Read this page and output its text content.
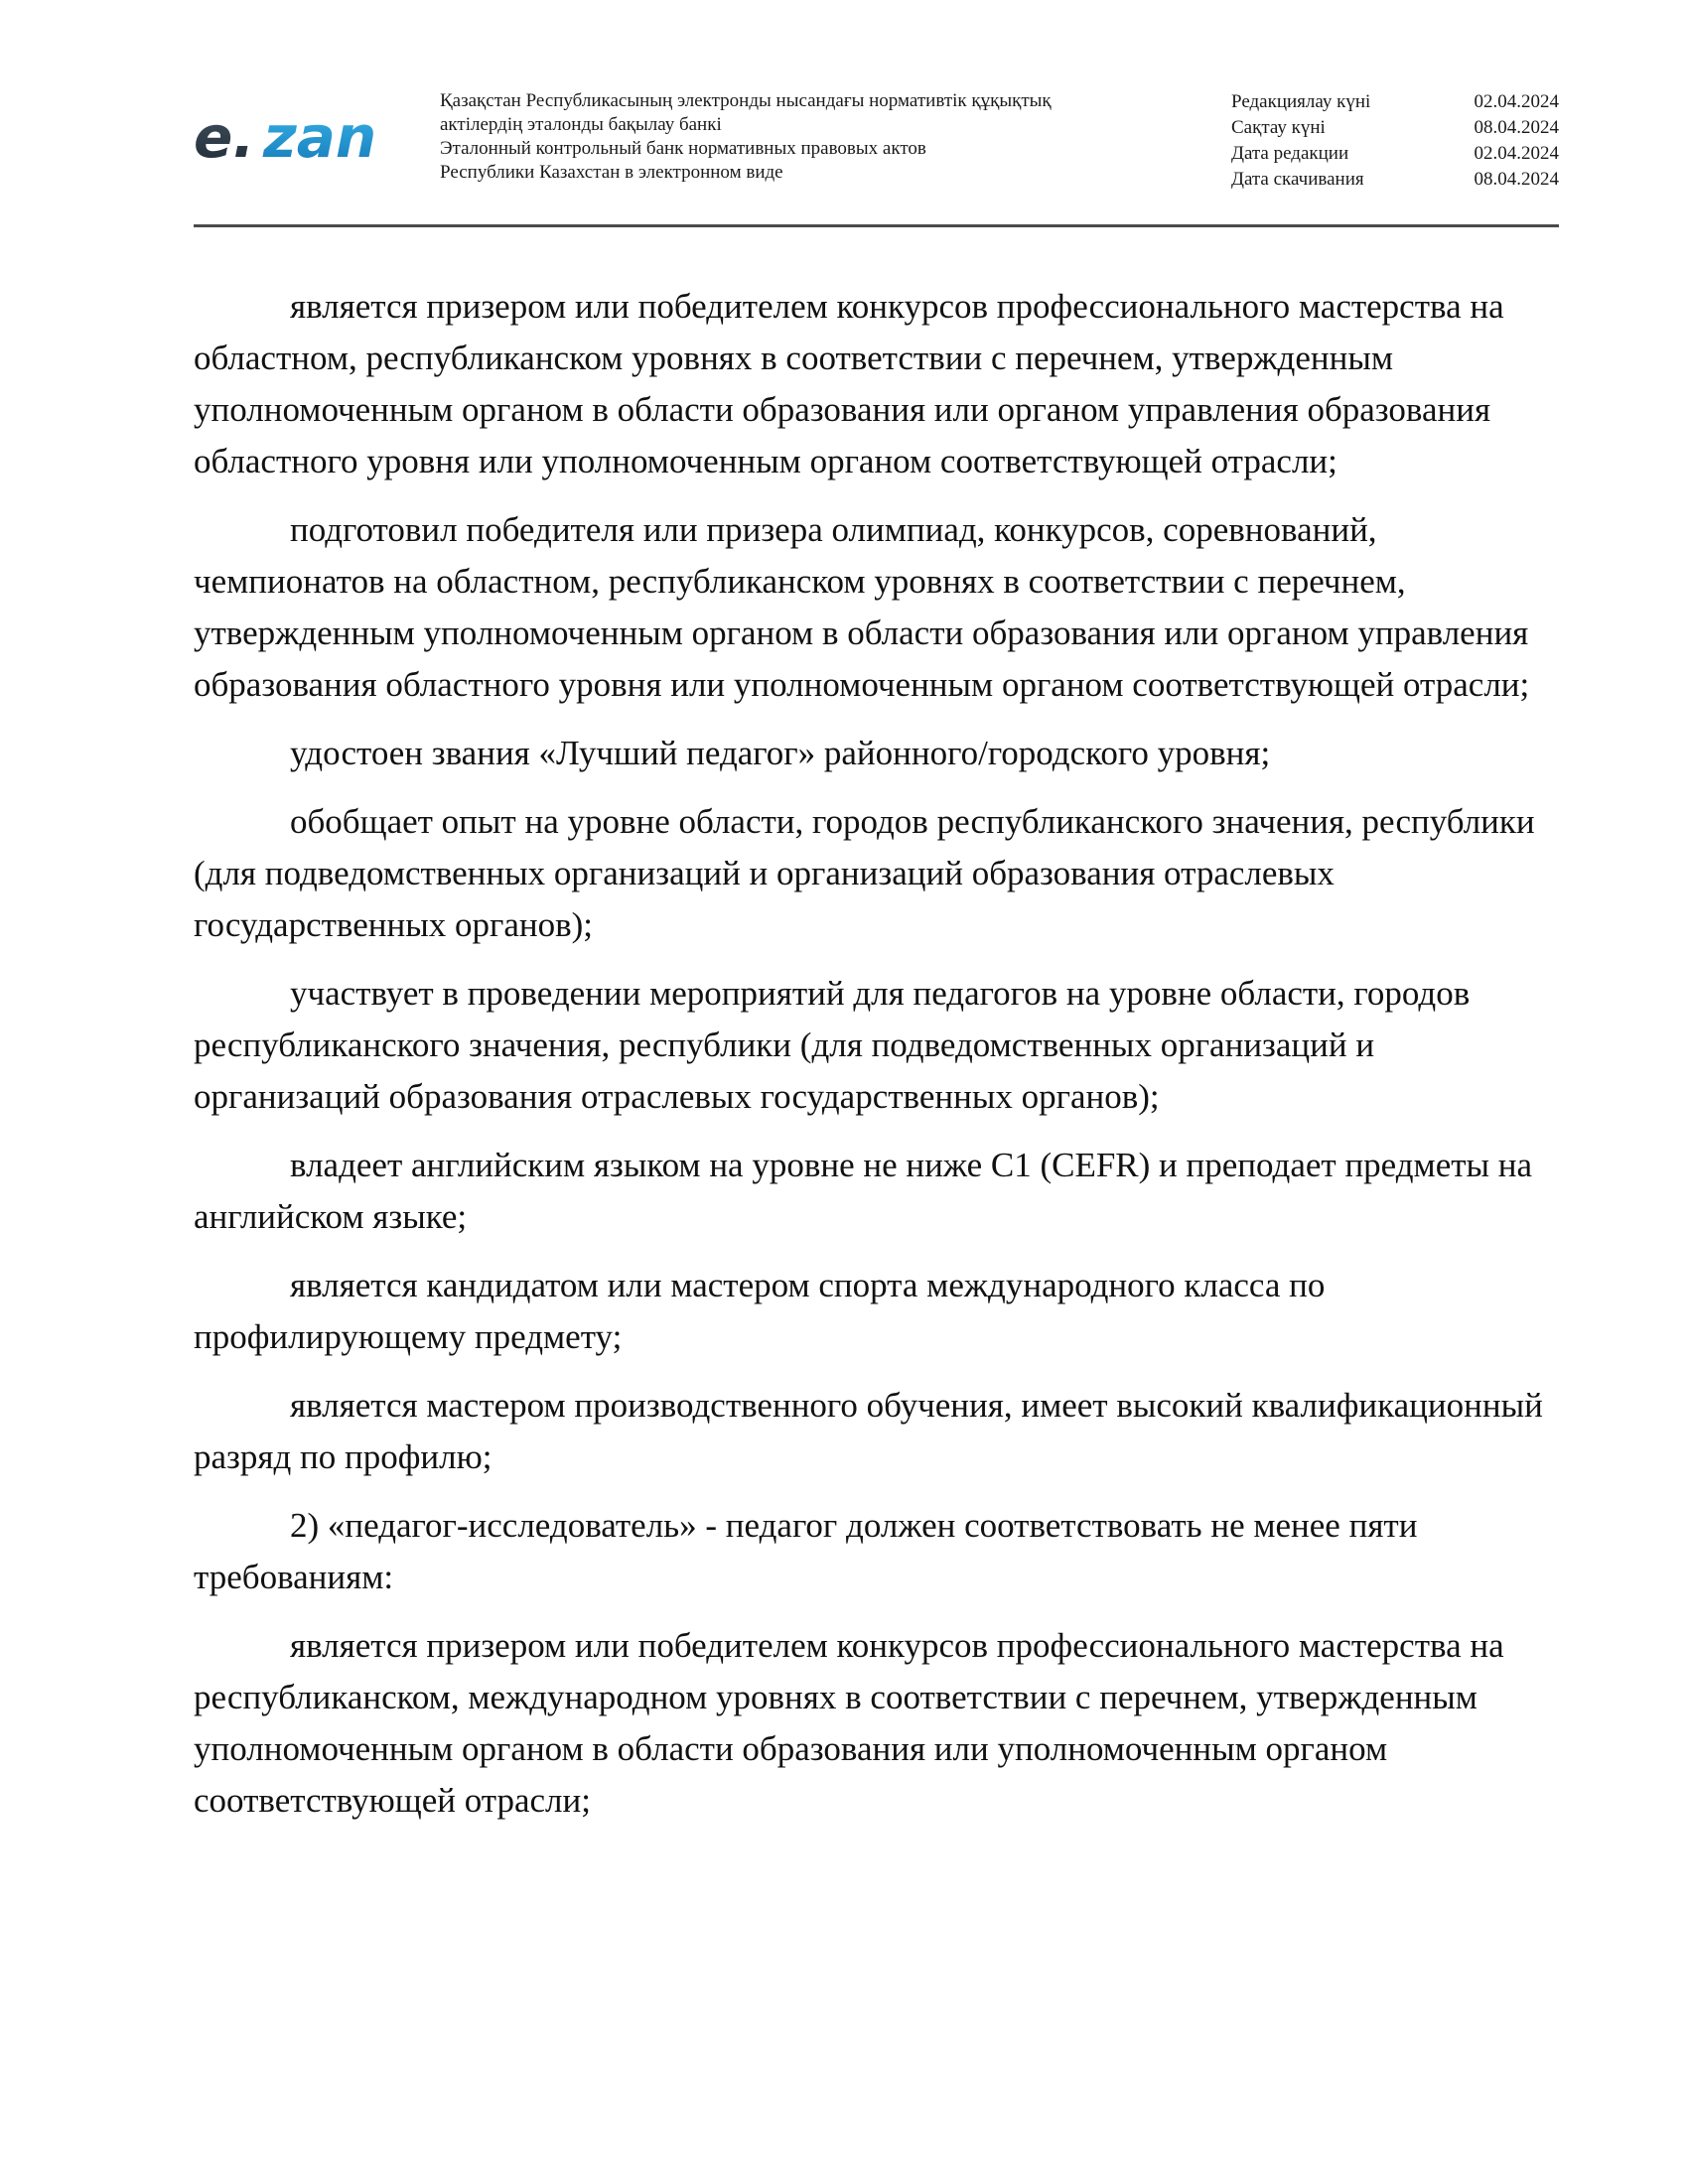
e. zan
Қазақстан Республикасының электронды нысандағы нормативтік құқықтық
актілердің эталонды бақылау банкі
Эталонный контрольный банк нормативных правовых актов
Республики Казахстан в электронном виде
Редакциялау күні	02.04.2024
Сақтау күні	08.04.2024
Дата редакции	02.04.2024
Дата скачивания	08.04.2024

является призером или победителем конкурсов профессионального мастерства на областном, республиканском уровнях в соответствии с перечнем, утвержденным уполномоченным органом в области образования или органом управления образования областного уровня или уполномоченным органом соответствующей отрасли;

подготовил победителя или призера олимпиад, конкурсов, соревнований, чемпионатов на областном, республиканском уровнях в соответствии с перечнем, утвержденным уполномоченным органом в области образования или органом управления образования областного уровня или уполномоченным органом соответствующей отрасли;

удостоен звания «Лучший педагог» районного/городского уровня;

обобщает опыт на уровне области, городов республиканского значения, республики (для подведомственных организаций и организаций образования отраслевых государственных органов);

участвует в проведении мероприятий для педагогов на уровне области, городов республиканского значения, республики (для подведомственных организаций и организаций образования отраслевых государственных органов);

владеет английским языком на уровне не ниже С1 (CEFR) и преподает предметы на английском языке;

является кандидатом или мастером спорта международного класса по профилирующему предмету;

является мастером производственного обучения, имеет высокий квалификационный разряд по профилю;

2) «педагог-исследователь» - педагог должен соответствовать не менее пяти требованиям:

является призером или победителем конкурсов профессионального мастерства на республиканском, международном уровнях в соответствии с перечнем, утвержденным уполномоченным органом в области образования или уполномоченным органом соответствующей отрасли;
